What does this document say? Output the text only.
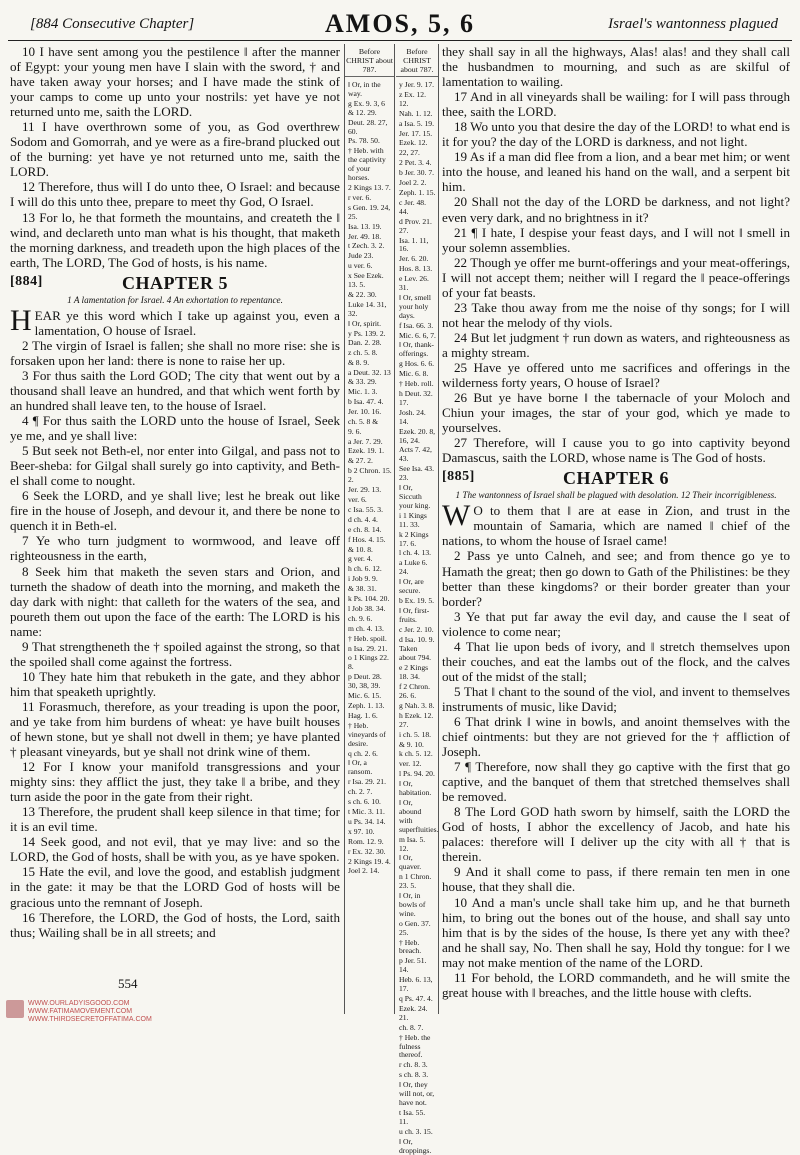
[884 Consecutive Chapter]	AMOS, 5, 6	Israel's wantonness plagued

10 I have sent among you the pestilence ‖ after the manner of Egypt: your young men have I slain with the sword, † and have taken away your horses; and I have made the stink of your camps to come up unto your nostrils: yet have ye not returned unto me, saith the LORD.

11 I have overthrown some of you, as God overthrew Sodom and Gomorrah, and ye were as a fire-brand plucked out of the burning: yet have ye not returned unto me, saith the LORD.

12 Therefore, thus will I do unto thee, O Israel: and because I will do this unto thee, prepare to meet thy God, O Israel.

13 For lo, he that formeth the mountains, and createth the ‖ wind, and declareth unto man what is his thought, that maketh the morning darkness, and treadeth upon the high places of the earth, The LORD, The God of hosts, is his name.

[884]	CHAPTER 5
1 A lamentation for Israel. 4 An exhortation to repentance.

HEAR ye this word which I take up against you, even a lamentation, O house of Israel.

2 The virgin of Israel is fallen; she shall no more rise: she is forsaken upon her land: there is none to raise her up.

3 For thus saith the Lord GOD; The city that went out by a thousand shall leave an hundred, and that which went forth by an hundred shall leave ten, to the house of Israel.

4 ¶ For thus saith the LORD unto the house of Israel, Seek ye me, and ye shall live:

5 But seek not Beth-el, nor enter into Gilgal, and pass not to Beer-sheba: for Gilgal shall surely go into captivity, and Beth-el shall come to nought.

6 Seek the LORD, and ye shall live; lest he break out like fire in the house of Joseph, and devour it, and there be none to quench it in Beth-el.

7 Ye who turn judgment to wormwood, and leave off righteousness in the earth,

8 Seek him that maketh the seven stars and Orion, and turneth the shadow of death into the morning, and maketh the day dark with night: that calleth for the waters of the sea, and poureth them out upon the face of the earth: The LORD is his name:

9 That strengtheneth the † spoiled against the strong, so that the spoiled shall come against the fortress.

10 They hate him that rebuketh in the gate, and they abhor him that speaketh uprightly.

11 Forasmuch, therefore, as your treading is upon the poor, and ye take from him burdens of wheat: ye have built houses of hewn stone, but ye shall not dwell in them; ye have planted † pleasant vineyards, but ye shall not drink wine of them.

12 For I know your manifold transgressions and your mighty sins: they afflict the just, they take ‖ a bribe, and they turn aside the poor in the gate from their right.

13 Therefore, the prudent shall keep silence in that time; for it is an evil time.

14 Seek good, and not evil, that ye may live: and so the LORD, the God of hosts, shall be with you, as ye have spoken.

15 Hate the evil, and love the good, and establish judgment in the gate: it may be that the LORD God of hosts will be gracious unto the remnant of Joseph.

16 Therefore, the LORD, the God of hosts, the Lord, saith thus; Wailing shall be in all streets; and

Before CHRIST about 787.
‖ Or, in the way.
g Ex. 9. 3, 6 & 12. 29.
Deut. 28. 27, 60.
Ps. 78. 50.
† Heb. with the captivity of your horses.
2 Kings 13. 7.
r ver. 6.
s Gen. 19. 24, 25.
Isa. 13. 19.
Jer. 49. 18.
t Zech. 3. 2.
Jude 23.
u ver. 6.
x See Ezek. 13. 5.
& 22. 30.
Luke 14. 31, 32.
‖ Or, spirit.
y Ps. 139. 2.
Dan. 2. 28.
z ch. 5. 8.
& 8. 9.
a Deut. 32. 13 & 33. 29.
Mic. 1. 3.
b Isa. 47. 4.
Jer. 10. 16.
ch. 5. 8 &
9. 6.
a Jer. 7. 29.
Ezek. 19. 1.
& 27. 2.
b 2 Chron. 15. 2.
Jer. 29. 13.
ver. 6.
c Isa. 55. 3.
d ch. 4. 4.
e ch. 8. 14.
f Hos. 4. 15.
& 10. 8.
g ver. 4.
h ch. 6. 12.
i Job 9. 9.
& 38. 31.
k Ps. 104. 20.
l Job 38. 34.
ch. 9. 6.
m ch. 4. 13.
† Heb. spoil.
n Isa. 29. 21.
o 1 Kings 22. 8.
p Deut. 28. 30, 38, 39.
Mic. 6. 15.
Zeph. 1. 13.
Hag. 1. 6.
† Heb. vineyards of desire.
q ch. 2. 6.
‖ Or, a ransom.
r Isa. 29. 21.
ch. 2. 7.
s ch. 6. 10.
t Mic. 3. 11.
u Ps. 34. 14.
x 97. 10.
Rom. 12. 9.
r Ex. 32. 30.
2 Kings 19. 4.
Joel 2. 14.
Before CHRIST about 787.
y Jer. 9. 17.
z Ex. 12. 12.
Nah. 1. 12.
a Isa. 5. 19.
Jer. 17. 15.
Ezek. 12.
22, 27.
2 Pet. 3. 4.
b Jer. 30. 7.
Joel 2. 2.
Zeph. 1. 15.
c Jer. 48. 44.
d Prov. 21. 27.
Isa. 1. 11, 16.
Jer. 6. 20.
Hos. 8. 13.
e Lev. 26. 31.
‖ Or, smell your holy days.
f Isa. 66. 3.
Mic. 6. 6, 7.
‖ Or, thank-offerings.
g Hos. 6. 6.
Mic. 6. 8.
† Heb. roll.
h Deut. 32. 17.
Josh. 24. 14.
Ezek. 20. 8, 16, 24.
Acts 7. 42, 43.
See Isa. 43. 23.
‖ Or, Siccuth your king.
i 1 Kings 11. 33.
k 2 Kings 17. 6.
l ch. 4. 13.
a Luke 6. 24.
‖ Or, are secure.
b Ex. 19. 5.
‖ Or, first-fruits.
c Jer. 2. 10.
d Isa. 10. 9.
Taken about 794.
e 2 Kings 18. 34.
f 2 Chron. 26. 6.
g Nah. 3. 8.
h Ezek. 12. 27.
i ch. 5. 18.
& 9. 10.
k ch. 5. 12.
ver. 12.
l Ps. 94. 20.
‖ Or, habitation.
‖ Or, abound with superfluities.
m Isa. 5. 12.
‖ Or, quaver.
n 1 Chron. 23. 5.
‖ Or, in bowls of wine.
o Gen. 37. 25.
† Heb. breach.
p Jer. 51. 14.
Heb. 6. 13, 17.
q Ps. 47. 4.
Ezek. 24. 21.
ch. 8. 7.
† Heb. the fulness thereof.
r ch. 8. 3.
s ch. 8. 3.
‖ Or, they will not, or, have not.
t Isa. 55. 11.
u ch. 3. 15.
‖ Or, droppings.

they shall say in all the highways, Alas! alas! and they shall call the husbandmen to mourning, and such as are skilful of lamentation to wailing.

17 And in all vineyards shall be wailing: for I will pass through thee, saith the LORD.

18 Wo unto you that desire the day of the LORD! to what end is it for you? the day of the LORD is darkness, and not light.

19 As if a man did flee from a lion, and a bear met him; or went into the house, and leaned his hand on the wall, and a serpent bit him.

20 Shall not the day of the LORD be darkness, and not light? even very dark, and no brightness in it?

21 ¶ I hate, I despise your feast days, and I will not ‖ smell in your solemn assemblies.

22 Though ye offer me burnt-offerings and your meat-offerings, I will not accept them; neither will I regard the ‖ peace-offerings of your fat beasts.

23 Take thou away from me the noise of thy songs; for I will not hear the melody of thy viols.

24 But let judgment † run down as waters, and righteousness as a mighty stream.

25 Have ye offered unto me sacrifices and offerings in the wilderness forty years, O house of Israel?

26 But ye have borne ‖ the tabernacle of your Moloch and Chiun your images, the star of your god, which ye made to yourselves.

27 Therefore, will I cause you to go into captivity beyond Damascus, saith the LORD, whose name is The God of hosts.

[885]	CHAPTER 6
1 The wantonness of Israel shall be plagued with desolation. 12 Their incorrigibleness.

W O to them that ‖ are at ease in Zion, and trust in the mountain of Samaria, which are named ‖ chief of the nations, to whom the house of Israel came!

2 Pass ye unto Calneh, and see; and from thence go ye to Hamath the great; then go down to Gath of the Philistines: be they better than these kingdoms? or their border greater than your border?

3 Ye that put far away the evil day, and cause the ‖ seat of violence to come near;

4 That lie upon beds of ivory, and ‖ stretch themselves upon their couches, and eat the lambs out of the flock, and the calves out of the midst of the stall;

5 That ‖ chant to the sound of the viol, and invent to themselves instruments of music, like David;

6 That drink ‖ wine in bowls, and anoint themselves with the chief ointments: but they are not grieved for the † affliction of Joseph.

7 ¶ Therefore, now shall they go captive with the first that go captive, and the banquet of them that stretched themselves shall be removed.

8 The Lord GOD hath sworn by himself, saith the LORD the God of hosts, I abhor the excellency of Jacob, and hate his palaces: therefore will I deliver up the city with all † that is therein.

9 And it shall come to pass, if there remain ten men in one house, that they shall die.

10 And a man's uncle shall take him up, and he that burneth him, to bring out the bones out of the house, and shall say unto him that is by the sides of the house, Is there yet any with thee? and he shall say, No. Then shall he say, Hold thy tongue: for ‖ we may not make mention of the name of the LORD.

11 For behold, the LORD commandeth, and he will smite the great house with ‖ breaches, and the little house with clefts.

554
WWW.OURLADYISGOOD.COM
WWW.FATIMAMOVEMENT.COM
WWW.THIRDSECRETOFFATIMA.COM
